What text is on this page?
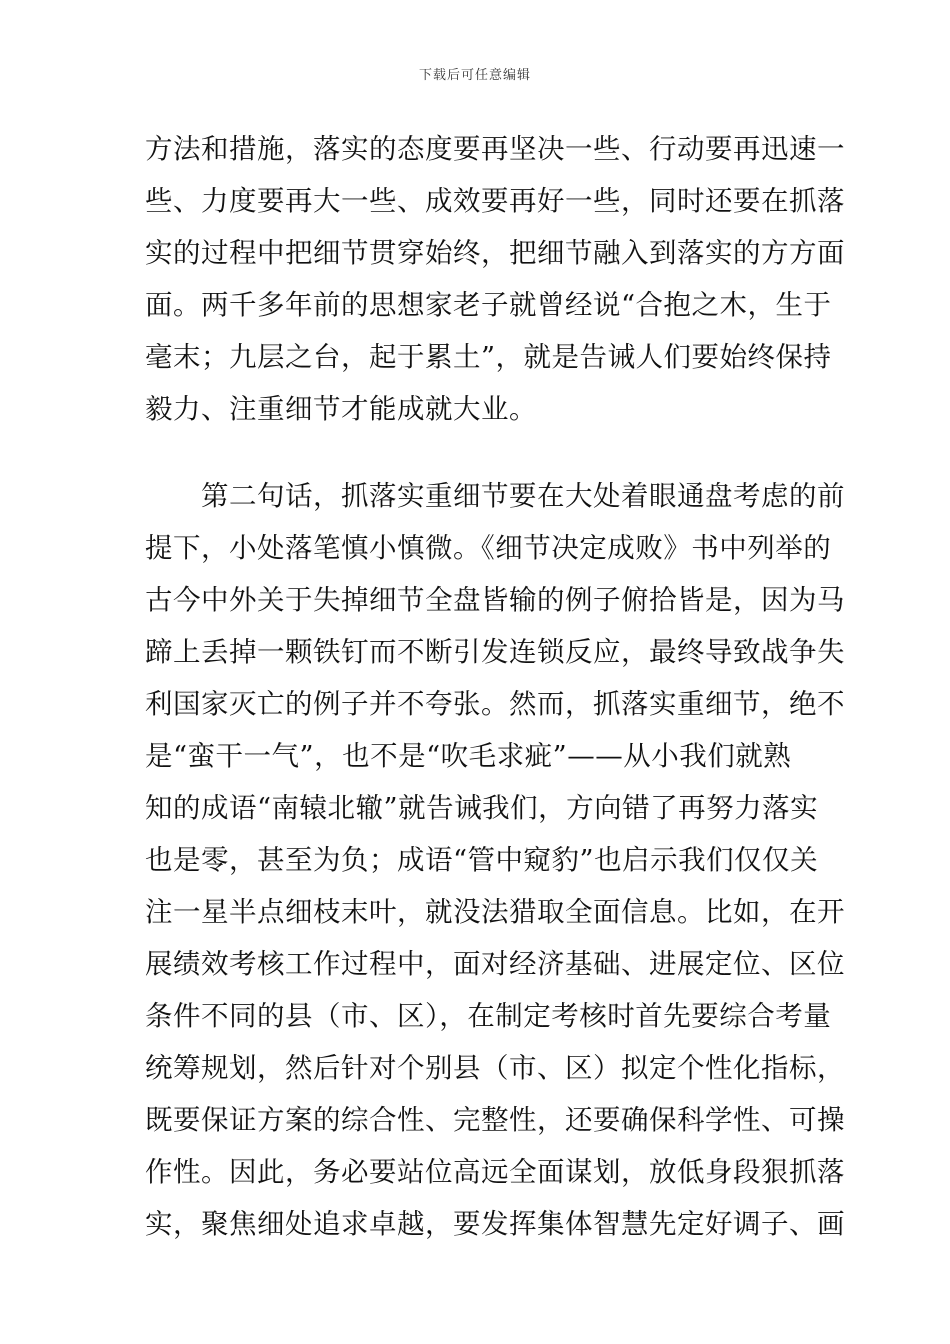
下载后可任意编辑
方法和措施，落实的态度要再坚决一些、行动要再迅速一
些、力度要再大一些、成效要再好一些，同时还要在抓落
实的过程中把细节贯穿始终，把细节融入到落实的方方面
面。两千多年前的思想家老子就曾经说“合抱之木，生于
毫末；九层之台，起于累土”，就是告诫人们要始终保持
毅力、注重细节才能成就大业。
　　第二句话，抓落实重细节要在大处着眼通盘考虑的前
提下，小处落笔慎小慎微。《细节决定成败》书中列举的
古今中外关于失掉细节全盘皆输的例子俯拾皆是，因为马
蹄上丢掉一颗铁钉而不断引发连锁反应，最终导致战争失
利国家灭亡的例子并不夸张。然而，抓落实重细节，绝不
是“蛮干一气”，也不是“吹毛求疵”——从小我们就熟
知的成语“南辕北辙”就告诫我们，方向错了再努力落实
也是零，甚至为负；成语“管中窥豹”也启示我们仅仅关
注一星半点细枝末叶，就没法猎取全面信息。比如，在开
展绩效考核工作过程中，面对经济基础、进展定位、区位
条件不同的县（市、区），在制定考核时首先要综合考量
统筹规划，然后针对个别县（市、区）拟定个性化指标，
既要保证方案的综合性、完整性，还要确保科学性、可操
作性。因此，务必要站位高远全面谋划，放低身段狠抓落
实，聚焦细处追求卓越，要发挥集体智慧先定好调子、画
